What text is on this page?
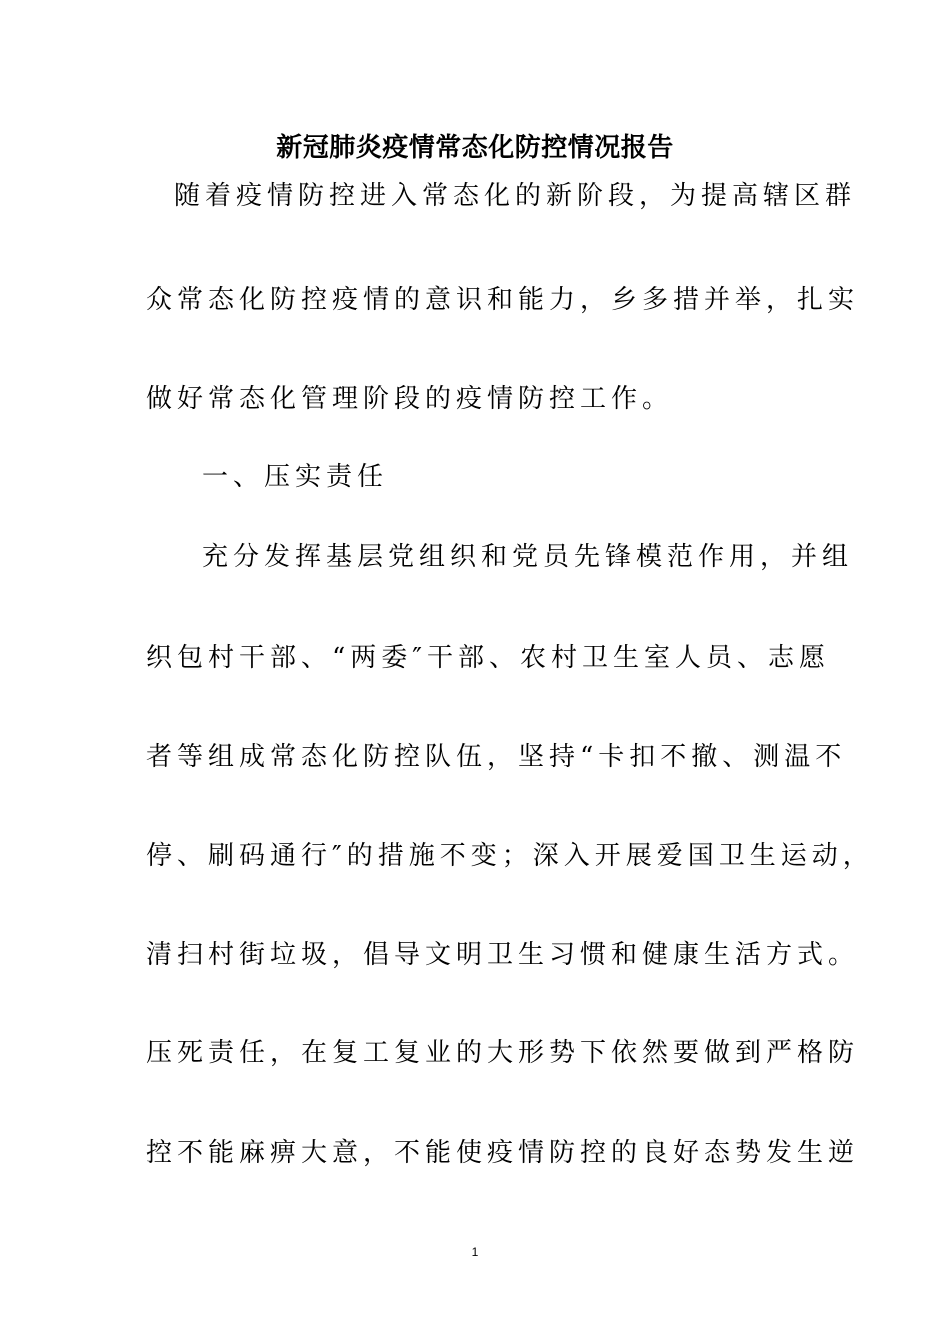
新冠肺炎疫情常态化防控情况报告
随着疫情防控进入常态化的新阶段，为提高辖区群
众常态化防控疫情的意识和能力，乡多措并举，扎实
做好常态化管理阶段的疫情防控工作。
一、压实责任
充分发挥基层党组织和党员先锋模范作用，并组
织包村干部、“两委″干部、农村卫生室人员、志愿
者等组成常态化防控队伍，坚持“卡扣不撤、测温不
停、刷码通行″的措施不变；深入开展爱国卫生运动，
清扫村街垃圾，倡导文明卫生习惯和健康生活方式。
压死责任，在复工复业的大形势下依然要做到严格防
控不能麻痹大意，不能使疫情防控的良好态势发生逆
1
